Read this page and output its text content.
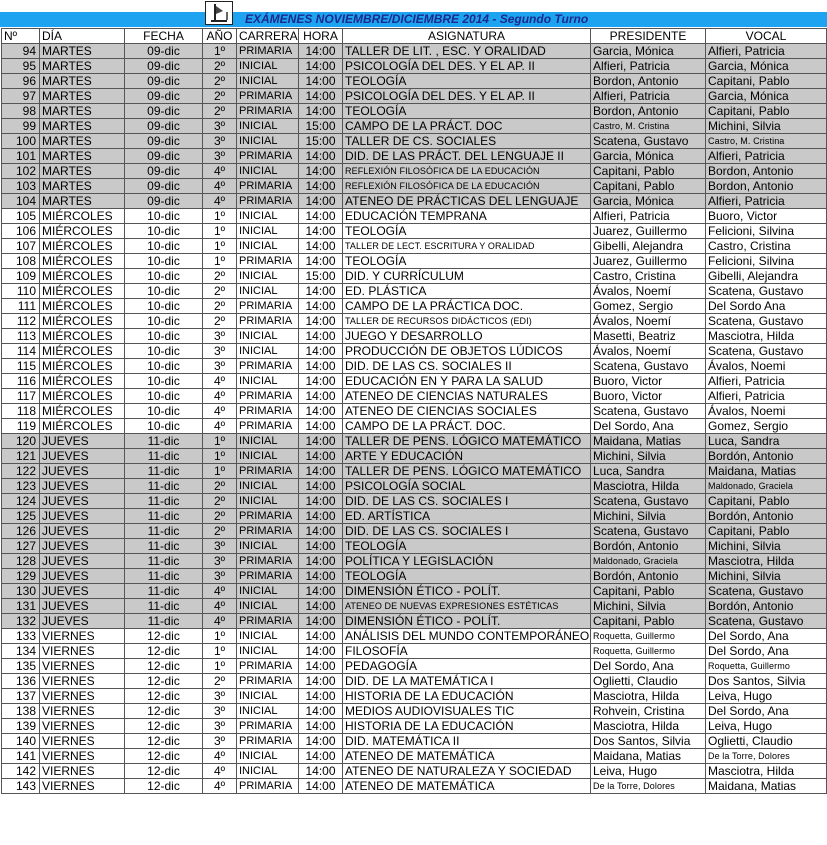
EXÁMENES NOVIEMBRE/DICIEMBRE 2014 - Segundo Turno
Nº	DÍA	FECHA	AÑO	CARRERA	HORA	ASIGNATURA	PRESIDENTE	VOCAL
94	MARTES	09-dic	1º	PRIMARIA	14:00	TALLER DE LIT. , ESC. Y ORALIDAD	Garcia, Mónica	Alfieri, Patricia
95	MARTES	09-dic	2º	INICIAL	14:00	PSICOLOGÍA DEL DES. Y EL AP. II	Alfieri, Patricia	Garcia, Mónica
96	MARTES	09-dic	2º	INICIAL	14:00	TEOLOGÍA	Bordon, Antonio	Capitani, Pablo
97	MARTES	09-dic	2º	PRIMARIA	14:00	PSICOLOGÍA DEL DES. Y EL AP. II	Alfieri, Patricia	Garcia, Mónica
98	MARTES	09-dic	2º	PRIMARIA	14:00	TEOLOGÍA	Bordon, Antonio	Capitani, Pablo
99	MARTES	09-dic	3º	INICIAL	15:00	CAMPO DE LA PRÁCT. DOC	Castro, M. Cristina	Michini, Silvia
100	MARTES	09-dic	3º	INICIAL	15:00	TALLER DE CS. SOCIALES	Scatena, Gustavo	Castro, M. Cristina
101	MARTES	09-dic	3º	PRIMARIA	14:00	DID. DE LAS PRÁCT. DEL LENGUAJE II	Garcia, Mónica	Alfieri, Patricia
102	MARTES	09-dic	4º	INICIAL	14:00	REFLEXIÓN FILOSÓFICA DE LA EDUCACIÓN	Capitani, Pablo	Bordon, Antonio
103	MARTES	09-dic	4º	PRIMARIA	14:00	REFLEXIÓN FILOSÓFICA DE LA EDUCACIÓN	Capitani, Pablo	Bordon, Antonio
104	MARTES	09-dic	4º	PRIMARIA	14:00	ATENEO DE PRÁCTICAS DEL LENGUAJE	Garcia, Mónica	Alfieri, Patricia
105	MIÉRCOLES	10-dic	1º	INICIAL	14:00	EDUCACIÓN TEMPRANA	Alfieri, Patricia	Buoro, Victor
106	MIÉRCOLES	10-dic	1º	INICIAL	14:00	TEOLOGÍA	Juarez, Guillermo	Felicioni, Silvina
107	MIÉRCOLES	10-dic	1º	INICIAL	14:00	TALLER DE LECT. ESCRITURA Y ORALIDAD	Gibelli, Alejandra	Castro, Cristina
108	MIÉRCOLES	10-dic	1º	PRIMARIA	14:00	TEOLOGÍA	Juarez, Guillermo	Felicioni, Silvina
109	MIÉRCOLES	10-dic	2º	INICIAL	15:00	DID. Y CURRÍCULUM	Castro, Cristina	Gibelli, Alejandra
110	MIÉRCOLES	10-dic	2º	INICIAL	14:00	ED. PLÁSTICA	Ávalos, Noemí	Scatena, Gustavo
111	MIÉRCOLES	10-dic	2º	PRIMARIA	14:00	CAMPO DE LA PRÁCTICA DOC.	Gomez, Sergio	Del Sordo Ana
112	MIÉRCOLES	10-dic	2º	PRIMARIA	14:00	TALLER DE RECURSOS DIDÁCTICOS (EDI)	Ávalos, Noemí	Scatena, Gustavo
113	MIÉRCOLES	10-dic	3º	INICIAL	14:00	JUEGO Y DESARROLLO	Masetti, Beatriz	Masciotra, Hilda
114	MIÉRCOLES	10-dic	3º	INICIAL	14:00	PRODUCCIÓN DE OBJETOS LÚDICOS	Ávalos, Noemí	Scatena, Gustavo
115	MIÉRCOLES	10-dic	3º	PRIMARIA	14:00	DID. DE LAS CS. SOCIALES II	Scatena, Gustavo	Ávalos, Noemi
116	MIÉRCOLES	10-dic	4º	INICIAL	14:00	EDUCACIÓN EN Y PARA LA SALUD	Buoro, Victor	Alfieri, Patricia
117	MIÉRCOLES	10-dic	4º	PRIMARIA	14:00	ATENEO DE CIENCIAS NATURALES	Buoro, Victor	Alfieri, Patricia
118	MIÉRCOLES	10-dic	4º	PRIMARIA	14:00	ATENEO DE CIENCIAS SOCIALES	Scatena, Gustavo	Ávalos, Noemi
119	MIÉRCOLES	10-dic	4º	PRIMARIA	14:00	CAMPO DE LA PRÁCT. DOC.	Del Sordo, Ana	Gomez, Sergio
120	JUEVES	11-dic	1º	INICIAL	14:00	TALLER DE PENS. LÓGICO MATEMÁTICO	Maidana, Matias	Luca, Sandra
121	JUEVES	11-dic	1º	INICIAL	14:00	ARTE Y EDUCACIÓN	Michini, Silvia	Bordón, Antonio
122	JUEVES	11-dic	1º	PRIMARIA	14:00	TALLER DE PENS. LÓGICO MATEMÁTICO	Luca, Sandra	Maidana, Matias
123	JUEVES	11-dic	2º	INICIAL	14:00	PSICOLOGÍA SOCIAL	Masciotra, Hilda	Maldonado, Graciela
124	JUEVES	11-dic	2º	INICIAL	14:00	DID. DE LAS CS. SOCIALES I	Scatena, Gustavo	Capitani, Pablo
125	JUEVES	11-dic	2º	PRIMARIA	14:00	ED. ARTÍSTICA	Michini, Silvia	Bordón, Antonio
126	JUEVES	11-dic	2º	PRIMARIA	14:00	DID. DE LAS CS. SOCIALES I	Scatena, Gustavo	Capitani, Pablo
127	JUEVES	11-dic	3º	INICIAL	14:00	TEOLOGÍA	Bordón, Antonio	Michini, Silvia
128	JUEVES	11-dic	3º	PRIMARIA	14:00	POLÍTICA Y LEGISLACIÓN	Maldonado, Graciela	Masciotra, Hilda
129	JUEVES	11-dic	3º	PRIMARIA	14:00	TEOLOGÍA	Bordón, Antonio	Michini, Silvia
130	JUEVES	11-dic	4º	INICIAL	14:00	DIMENSIÓN ÉTICO - POLÍT.	Capitani, Pablo	Scatena, Gustavo
131	JUEVES	11-dic	4º	INICIAL	14:00	ATENEO DE NUEVAS EXPRESIONES ESTÉTICAS	Michini, Silvia	Bordón, Antonio
132	JUEVES	11-dic	4º	PRIMARIA	14:00	DIMENSIÓN ÉTICO - POLÍT.	Capitani, Pablo	Scatena, Gustavo
133	VIERNES	12-dic	1º	INICIAL	14:00	ANÁLISIS DEL MUNDO CONTEMPORÁNEO	Roquetta, Guillermo	Del Sordo, Ana
134	VIERNES	12-dic	1º	INICIAL	14:00	FILOSOFÍA	Roquetta, Guillermo	Del Sordo, Ana
135	VIERNES	12-dic	1º	PRIMARIA	14:00	PEDAGOGÍA	Del Sordo, Ana	Roquetta, Guillermo
136	VIERNES	12-dic	2º	PRIMARIA	14:00	DID. DE LA MATEMÁTICA I	Oglietti, Claudio	Dos Santos, Silvia
137	VIERNES	12-dic	3º	INICIAL	14:00	HISTORIA DE LA EDUCACIÓN	Masciotra, Hilda	Leiva, Hugo
138	VIERNES	12-dic	3º	INICIAL	14:00	MEDIOS AUDIOVISUALES TIC	Rohvein, Cristina	Del Sordo, Ana
139	VIERNES	12-dic	3º	PRIMARIA	14:00	HISTORIA DE LA EDUCACIÓN	Masciotra, Hilda	Leiva, Hugo
140	VIERNES	12-dic	3º	PRIMARIA	14:00	DID. MATEMÁTICA II	Dos Santos, Silvia	Oglietti, Claudio
141	VIERNES	12-dic	4º	INICIAL	14:00	ATENEO DE MATEMÁTICA	Maidana, Matias	De la Torre, Dolores
142	VIERNES	12-dic	4º	INICIAL	14:00	ATENEO DE NATURALEZA Y SOCIEDAD	Leiva, Hugo	Masciotra, Hilda
143	VIERNES	12-dic	4º	PRIMARIA	14:00	ATENEO DE MATEMÁTICA	De la Torre, Dolores	Maidana, Matias
